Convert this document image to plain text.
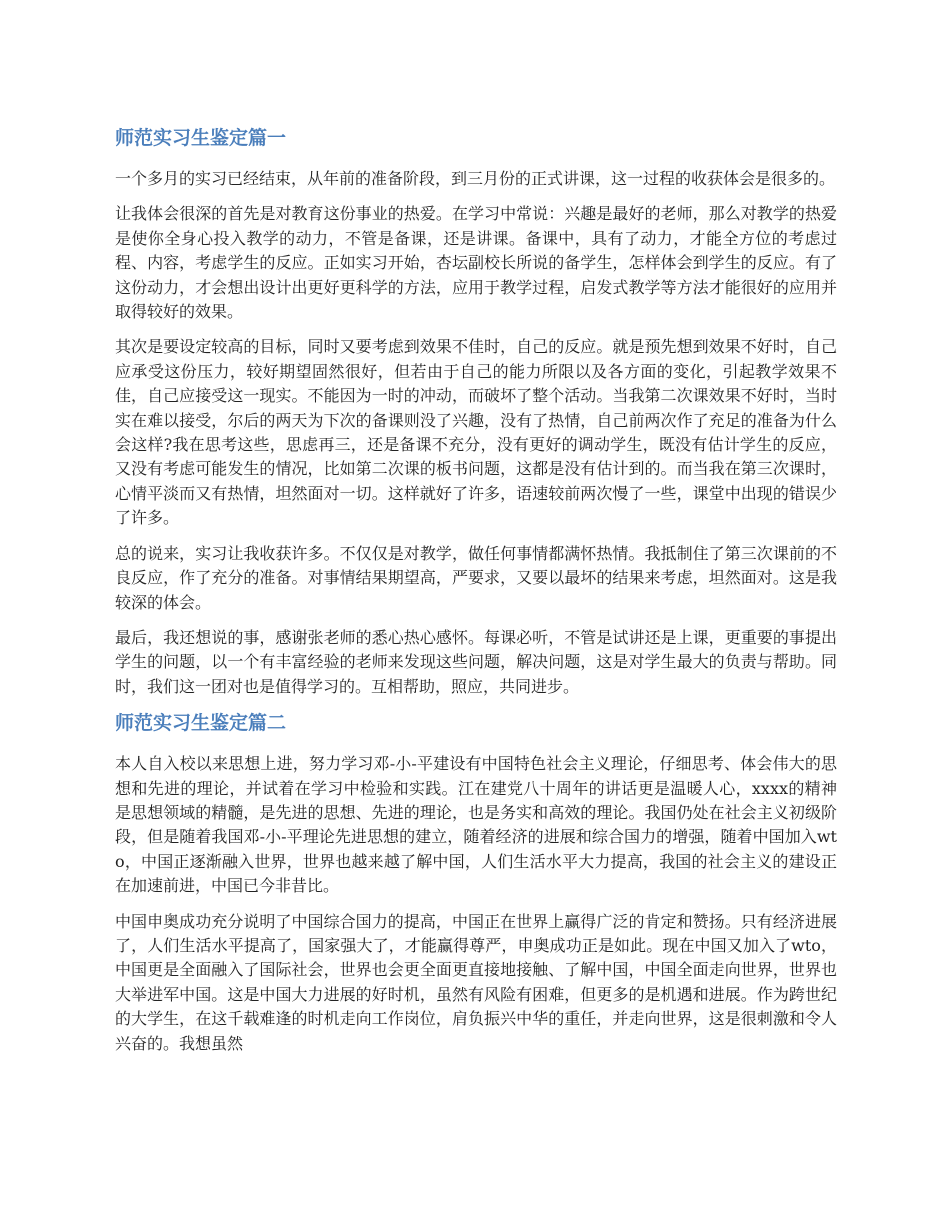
师范实习生鉴定篇一

一个多月的实习已经结束，从年前的准备阶段，到三月份的正式讲课，这一过程的收获体会是很多的。

让我体会很深的首先是对教育这份事业的热爱。在学习中常说：兴趣是最好的老师，那么对教学的热爱是使你全身心投入教学的动力，不管是备课，还是讲课。备课中，具有了动力，才能全方位的考虑过程、内容，考虑学生的反应。正如实习开始，杏坛副校长所说的备学生，怎样体会到学生的反应。有了这份动力，才会想出设计出更好更科学的方法，应用于教学过程，启发式教学等方法才能很好的应用并取得较好的效果。

其次是要设定较高的目标，同时又要考虑到效果不佳时，自己的反应。就是预先想到效果不好时，自己应承受这份压力，较好期望固然很好，但若由于自己的能力所限以及各方面的变化，引起教学效果不佳，自己应接受这一现实。不能因为一时的冲动，而破坏了整个活动。当我第二次课效果不好时，当时实在难以接受，尔后的两天为下次的备课则没了兴趣，没有了热情，自己前两次作了充足的准备为什么会这样?我在思考这些，思虑再三，还是备课不充分，没有更好的调动学生，既没有估计学生的反应，又没有考虑可能发生的情况，比如第二次课的板书问题，这都是没有估计到的。而当我在第三次课时，心情平淡而又有热情，坦然面对一切。这样就好了许多，语速较前两次慢了一些，课堂中出现的错误少了许多。

总的说来，实习让我收获许多。不仅仅是对教学，做任何事情都满怀热情。我抵制住了第三次课前的不良反应，作了充分的准备。对事情结果期望高，严要求，又要以最坏的结果来考虑，坦然面对。这是我较深的体会。

最后，我还想说的事，感谢张老师的悉心热心感怀。每课必听，不管是试讲还是上课，更重要的事提出学生的问题，以一个有丰富经验的老师来发现这些问题，解决问题，这是对学生最大的负责与帮助。同时，我们这一团对也是值得学习的。互相帮助，照应，共同进步。

师范实习生鉴定篇二

本人自入校以来思想上进，努力学习邓-小-平建设有中国特色社会主义理论，仔细思考、体会伟大的思想和先进的理论，并试着在学习中检验和实践。江在建党八十周年的讲话更是温暖人心，xxxx的精神是思想领域的精髓，是先进的思想、先进的理论，也是务实和高效的理论。我国仍处在社会主义初级阶段，但是随着我国邓-小-平理论先进思想的建立，随着经济的进展和综合国力的增强，随着中国加入wto，中国正逐渐融入世界，世界也越来越了解中国，人们生活水平大力提高，我国的社会主义的建设正在加速前进，中国已今非昔比。

中国申奥成功充分说明了中国综合国力的提高，中国正在世界上赢得广泛的肯定和赞扬。只有经济进展了，人们生活水平提高了，国家强大了，才能赢得尊严，申奥成功正是如此。现在中国又加入了wto，中国更是全面融入了国际社会，世界也会更全面更直接地接触、了解中国，中国全面走向世界，世界也大举进军中国。这是中国大力进展的好时机，虽然有风险有困难，但更多的是机遇和进展。作为跨世纪的大学生，在这千载难逢的时机走向工作岗位，肩负振兴中华的重任，并走向世界，这是很刺激和令人兴奋的。我想虽然
